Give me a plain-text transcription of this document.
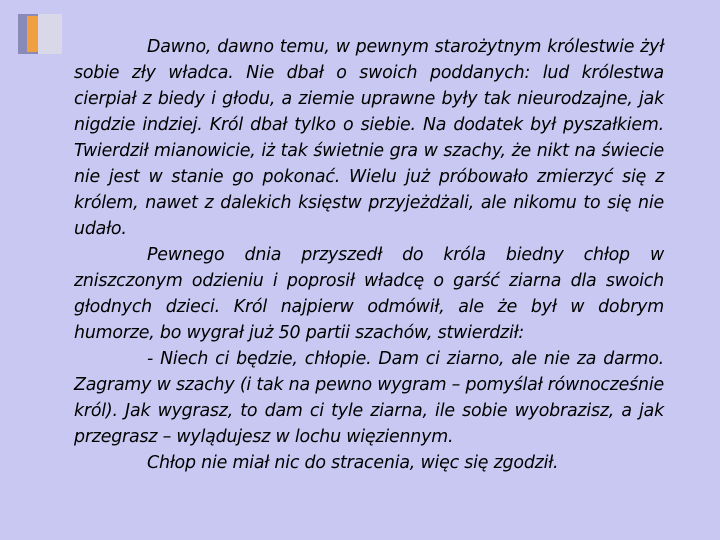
Dawno, dawno temu, w pewnym starożytnym królestwie żył sobie zły władca. Nie dbał o swoich poddanych: lud królestwa cierpiał z biedy i głodu, a ziemie uprawne były tak nieurodzajne, jak nigdzie indziej. Król dbał tylko o siebie. Na dodatek był pyszałkiem. Twierdził mianowicie, iż tak świetnie gra w szachy, że nikt na świecie nie jest w stanie go pokonać. Wielu już próbowało zmierzyć się z królem, nawet z dalekich księstw przyjeżdżali, ale nikomu to się nie udało.

Pewnego dnia przyszedł do króla biedny chłop w zniszczonym odzieniu i poprosił władcę o garść ziarna dla swoich głodnych dzieci. Król najpierw odmówił, ale że był w dobrym humorze, bo wygrał już 50 partii szachów, stwierdził:

- Niech ci będzie, chłopie. Dam ci ziarno, ale nie za darmo. Zagramy w szachy (i tak na pewno wygram – pomyślał równocześnie król). Jak wygrasz, to dam ci tyle ziarna, ile sobie wyobrazisz, a jak przegrasz – wylądujesz w lochu więziennym.

Chłop nie miał nic do stracenia, więc się zgodził.
